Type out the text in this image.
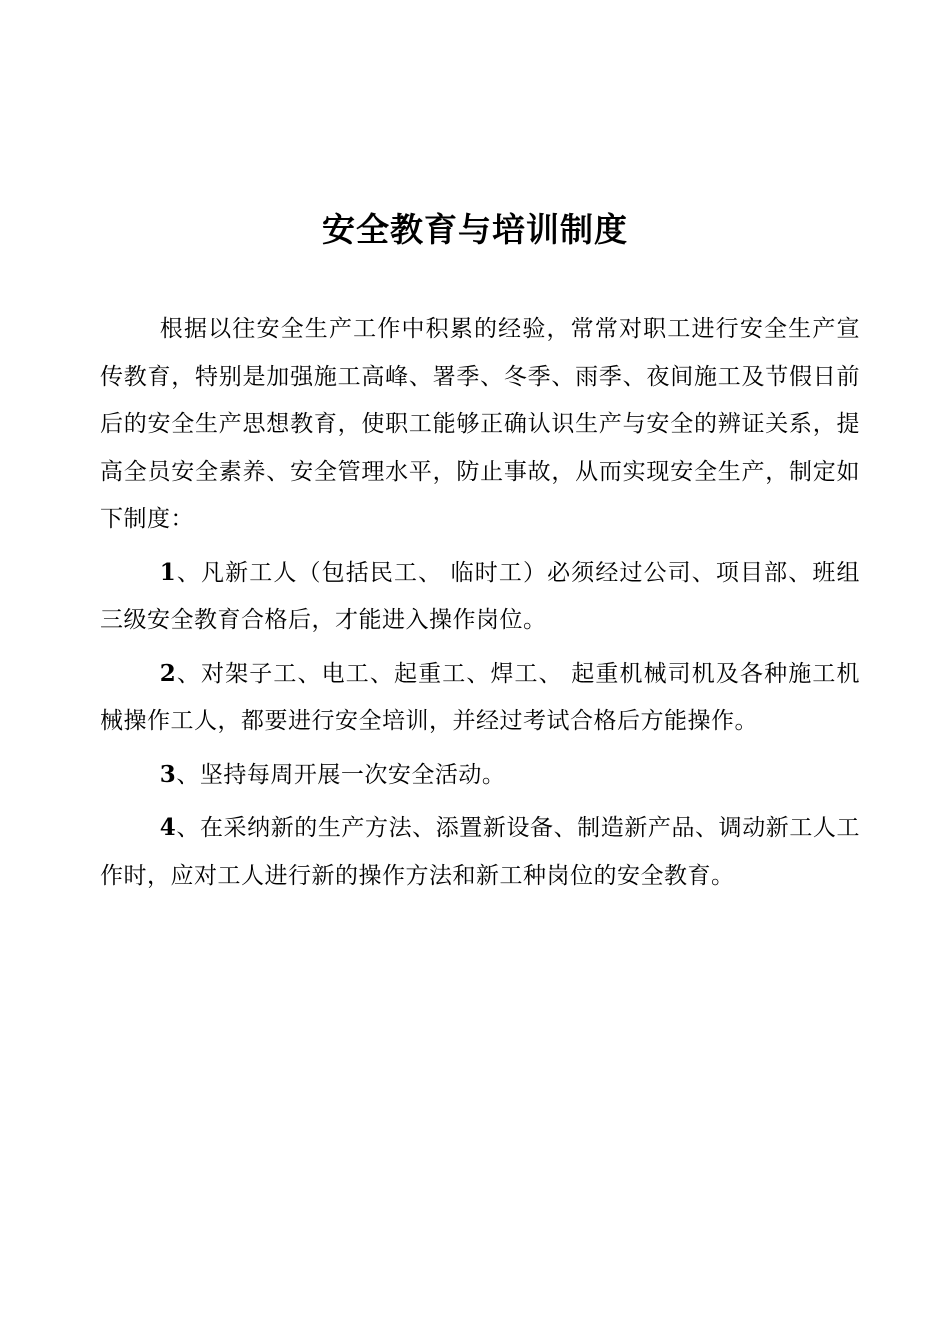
安全教育与培训制度

根据以往安全生产工作中积累的经验，常常对职工进行安全生产宣传教育，特别是加强施工高峰、署季、冬季、雨季、夜间施工及节假日前后的安全生产思想教育，使职工能够正确认识生产与安全的辨证关系，提高全员安全素养、安全管理水平，防止事故，从而实现安全生产，制定如下制度：

1、凡新工人（包括民工、 临时工）必须经过公司、项目部、班组三级安全教育合格后，才能进入操作岗位。

2、对架子工、电工、起重工、焊工、 起重机械司机及各种施工机械操作工人，都要进行安全培训，并经过考试合格后方能操作。

3、坚持每周开展一次安全活动。

4、在采纳新的生产方法、添置新设备、制造新产品、调动新工人工作时，应对工人进行新的操作方法和新工种岗位的安全教育。
